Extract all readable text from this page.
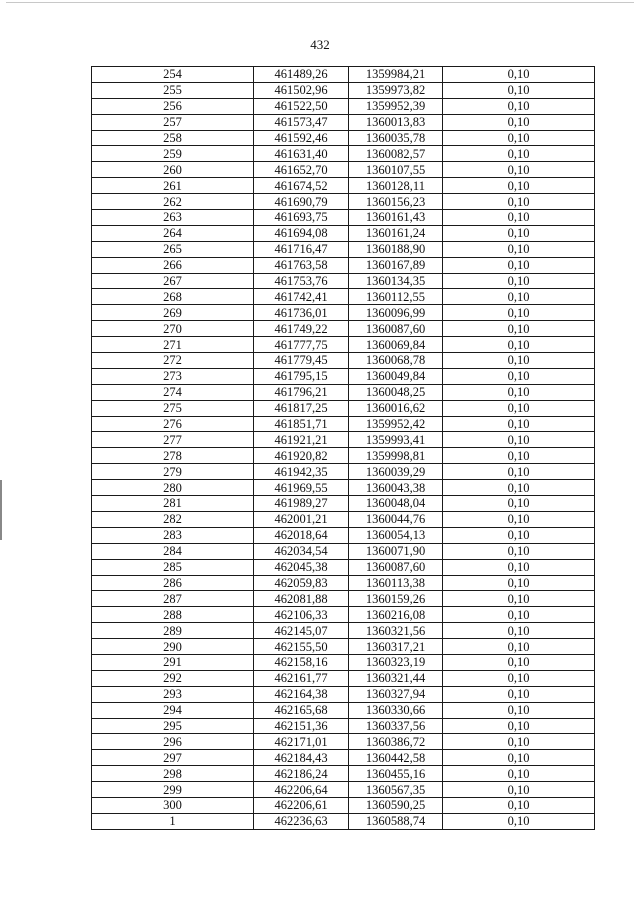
432
254	461489,26	1359984,21	0,10
255	461502,96	1359973,82	0,10
256	461522,50	1359952,39	0,10
257	461573,47	1360013,83	0,10
258	461592,46	1360035,78	0,10
259	461631,40	1360082,57	0,10
260	461652,70	1360107,55	0,10
261	461674,52	1360128,11	0,10
262	461690,79	1360156,23	0,10
263	461693,75	1360161,43	0,10
264	461694,08	1360161,24	0,10
265	461716,47	1360188,90	0,10
266	461763,58	1360167,89	0,10
267	461753,76	1360134,35	0,10
268	461742,41	1360112,55	0,10
269	461736,01	1360096,99	0,10
270	461749,22	1360087,60	0,10
271	461777,75	1360069,84	0,10
272	461779,45	1360068,78	0,10
273	461795,15	1360049,84	0,10
274	461796,21	1360048,25	0,10
275	461817,25	1360016,62	0,10
276	461851,71	1359952,42	0,10
277	461921,21	1359993,41	0,10
278	461920,82	1359998,81	0,10
279	461942,35	1360039,29	0,10
280	461969,55	1360043,38	0,10
281	461989,27	1360048,04	0,10
282	462001,21	1360044,76	0,10
283	462018,64	1360054,13	0,10
284	462034,54	1360071,90	0,10
285	462045,38	1360087,60	0,10
286	462059,83	1360113,38	0,10
287	462081,88	1360159,26	0,10
288	462106,33	1360216,08	0,10
289	462145,07	1360321,56	0,10
290	462155,50	1360317,21	0,10
291	462158,16	1360323,19	0,10
292	462161,77	1360321,44	0,10
293	462164,38	1360327,94	0,10
294	462165,68	1360330,66	0,10
295	462151,36	1360337,56	0,10
296	462171,01	1360386,72	0,10
297	462184,43	1360442,58	0,10
298	462186,24	1360455,16	0,10
299	462206,64	1360567,35	0,10
300	462206,61	1360590,25	0,10
1	462236,63	1360588,74	0,10
